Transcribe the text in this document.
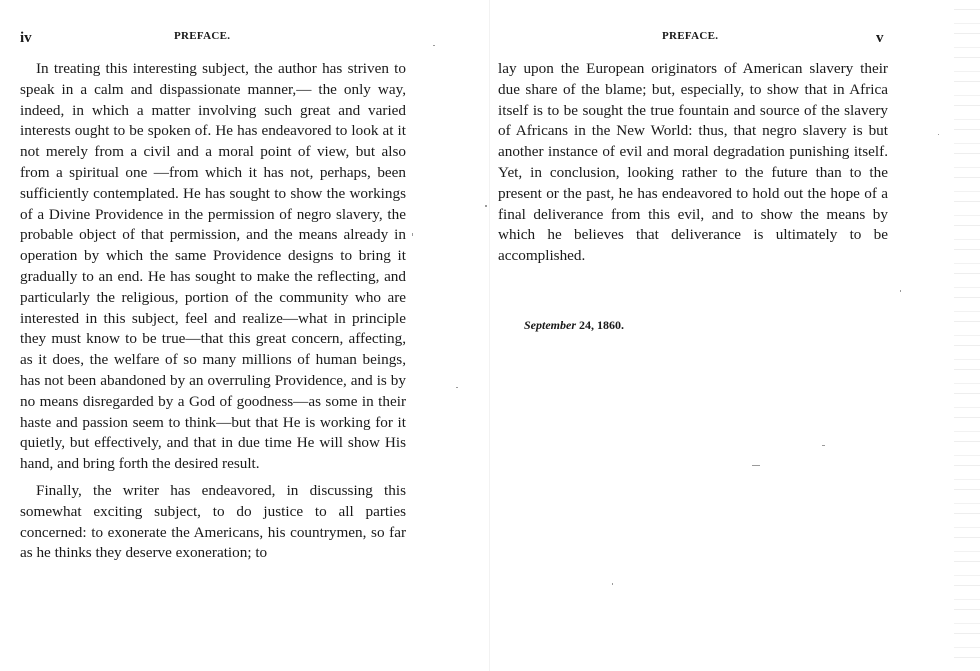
iv	PREFACE.

In treating this interesting subject, the author has striven to speak in a calm and dispassionate manner,— the only way, indeed, in which a matter involving such great and varied interests ought to be spoken of. He has endeavored to look at it not merely from a civil and a moral point of view, but also from a spiritual one —from which it has not, perhaps, been sufficiently contemplated. He has sought to show the workings of a Divine Providence in the permission of negro slavery, the probable object of that permission, and the means already in operation by which the same Providence designs to bring it gradually to an end. He has sought to make the reflecting, and particularly the religious, portion of the community who are interested in this subject, feel and realize—what in principle they must know to be true—that this great concern, affecting, as it does, the welfare of so many millions of human beings, has not been abandoned by an overruling Providence, and is by no means disregarded by a God of goodness—as some in their haste and passion seem to think—but that He is working for it quietly, but effectively, and that in due time He will show His hand, and bring forth the desired result.

Finally, the writer has endeavored, in discussing this somewhat exciting subject, to do justice to all parties concerned: to exonerate the Americans, his countrymen, so far as he thinks they deserve exoneration; to

PREFACE.	v

lay upon the European originators of American slavery their due share of the blame; but, especially, to show that in Africa itself is to be sought the true fountain and source of the slavery of Africans in the New World: thus, that negro slavery is but another instance of evil and moral degradation punishing itself. Yet, in conclusion, looking rather to the future than to the present or the past, he has endeavored to hold out the hope of a final deliverance from this evil, and to show the means by which he believes that deliverance is ultimately to be accomplished.

September 24, 1860.
